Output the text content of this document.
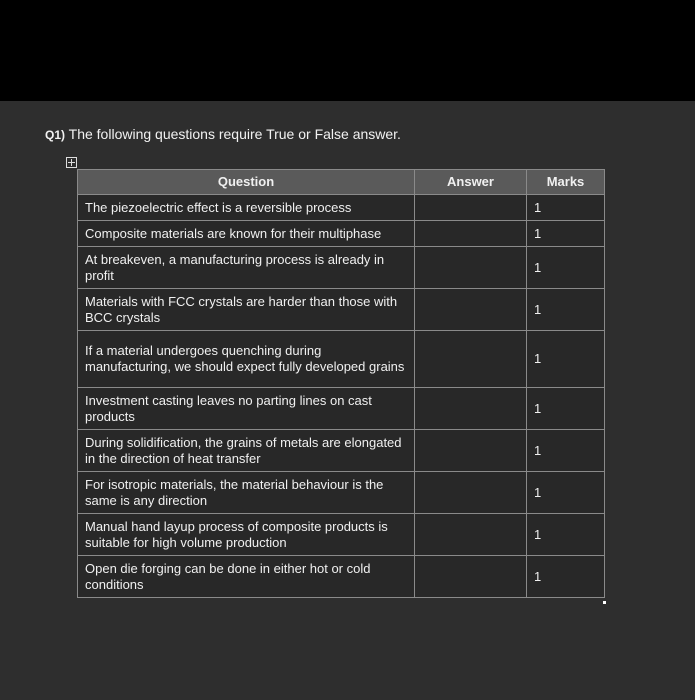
Q1) The following questions require True or False answer.
Question	Answer	Marks
The piezoelectric effect is a reversible process		1
Composite materials are known for their multiphase		1
At breakeven, a manufacturing process is already in profit		1
Materials with FCC crystals are harder than those with BCC crystals		1
If a material undergoes quenching during manufacturing, we should expect fully developed grains		1
Investment casting leaves no parting lines on cast products		1
During solidification, the grains of metals are elongated in the direction of heat transfer		1
For isotropic materials, the material behaviour is the same is any direction		1
Manual hand layup process of composite products is suitable for high volume production		1
Open die forging can be done in either hot or cold conditions		1
